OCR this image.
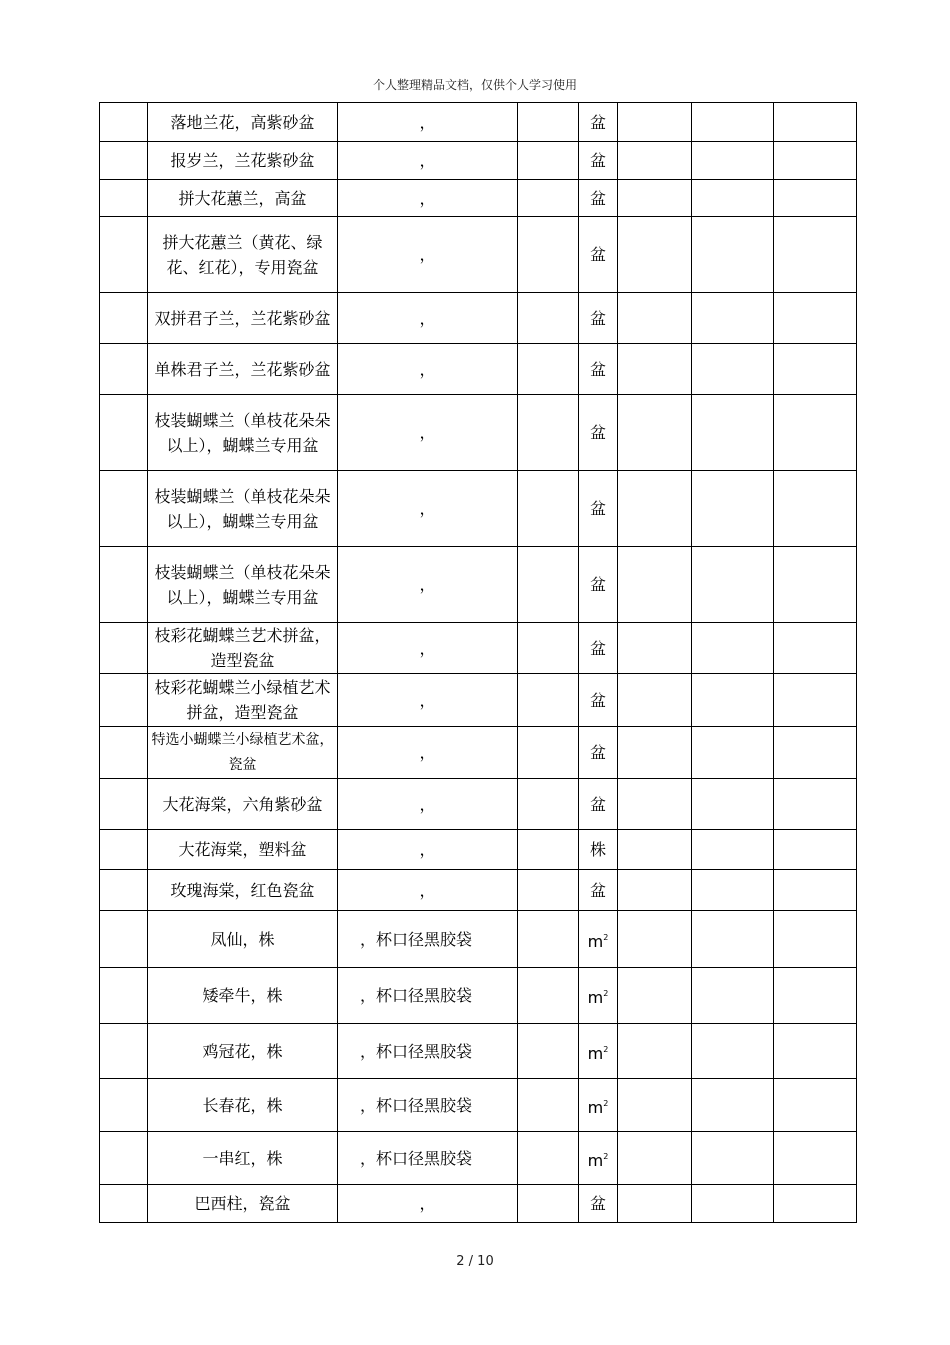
个人整理精品文档，仅供个人学习使用
	落地兰花，高紫砂盆	，		盆			
	报岁兰，兰花紫砂盆	，		盆			
	拼大花蕙兰，高盆	，		盆			
	拼大花蕙兰（黄花、绿花、红花），专用瓷盆	，		盆			
	双拼君子兰，兰花紫砂盆	，		盆			
	单株君子兰，兰花紫砂盆	，		盆			
	枝装蝴蝶兰（单枝花朵朵以上），蝴蝶兰专用盆	，		盆			
	枝装蝴蝶兰（单枝花朵朵以上），蝴蝶兰专用盆	，		盆			
	枝装蝴蝶兰（单枝花朵朵以上），蝴蝶兰专用盆	，		盆			
	枝彩花蝴蝶兰艺术拼盆，造型瓷盆	，		盆			
	枝彩花蝴蝶兰小绿植艺术拼盆，造型瓷盆	，		盆			
	特选小蝴蝶兰小绿植艺术盆，瓷盆	，		盆			
	大花海棠，六角紫砂盆	，		盆			
	大花海棠，塑料盆	，		株			
	玫瑰海棠，红色瓷盆	，		盆			
	凤仙，株	，杯口径黑胶袋		$m^2$			
	矮牵牛，株	，杯口径黑胶袋		$m^2$			
	鸡冠花，株	，杯口径黑胶袋		$m^2$			
	长春花，株	，杯口径黑胶袋		$m^2$			
	一串红，株	，杯口径黑胶袋		$m^2$			
	巴西柱，瓷盆	，		盆			
2 / 10
